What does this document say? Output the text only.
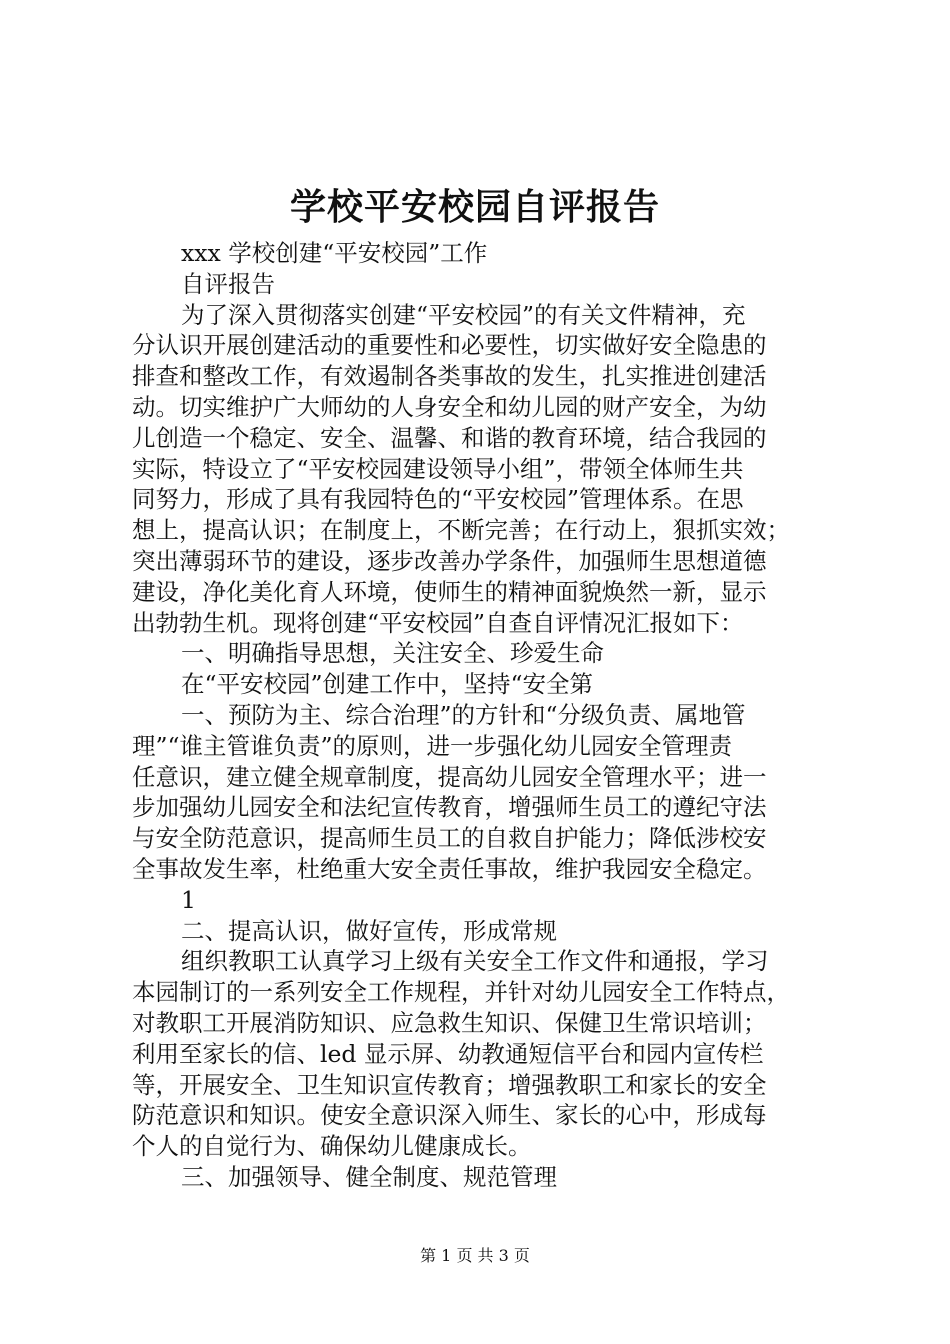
学校平安校园自评报告
xxx 学校创建“平安校园”工作
自评报告
为了深入贯彻落实创建“平安校园”的有关文件精神，充
分认识开展创建活动的重要性和必要性，切实做好安全隐患的
排查和整改工作，有效遏制各类事故的发生，扎实推进创建活
动。切实维护广大师幼的人身安全和幼儿园的财产安全，为幼
儿创造一个稳定、安全、温馨、和谐的教育环境，结合我园的
实际，特设立了“平安校园建设领导小组”，带领全体师生共
同努力，形成了具有我园特色的“平安校园”管理体系。在思
想上，提高认识；在制度上，不断完善；在行动上，狠抓实效；
突出薄弱环节的建设，逐步改善办学条件，加强师生思想道德
建设，净化美化育人环境，使师生的精神面貌焕然一新，显示
出勃勃生机。现将创建“平安校园”自查自评情况汇报如下：
一、明确指导思想，关注安全、珍爱生命
在“平安校园”创建工作中，坚持“安全第
一、预防为主、综合治理”的方针和“分级负责、属地管
理”“谁主管谁负责”的原则，进一步强化幼儿园安全管理责
任意识，建立健全规章制度，提高幼儿园安全管理水平；进一
步加强幼儿园安全和法纪宣传教育，增强师生员工的遵纪守法
与安全防范意识，提高师生员工的自救自护能力；降低涉校安
全事故发生率，杜绝重大安全责任事故，维护我园安全稳定。
1
二、提高认识，做好宣传，形成常规
组织教职工认真学习上级有关安全工作文件和通报，学习
本园制订的一系列安全工作规程，并针对幼儿园安全工作特点，
对教职工开展消防知识、应急救生知识、保健卫生常识培训；
利用至家长的信、led 显示屏、幼教通短信平台和园内宣传栏
等，开展安全、卫生知识宣传教育；增强教职工和家长的安全
防范意识和知识。使安全意识深入师生、家长的心中，形成每
个人的自觉行为、确保幼儿健康成长。
三、加强领导、健全制度、规范管理
第 1 页 共 3 页
